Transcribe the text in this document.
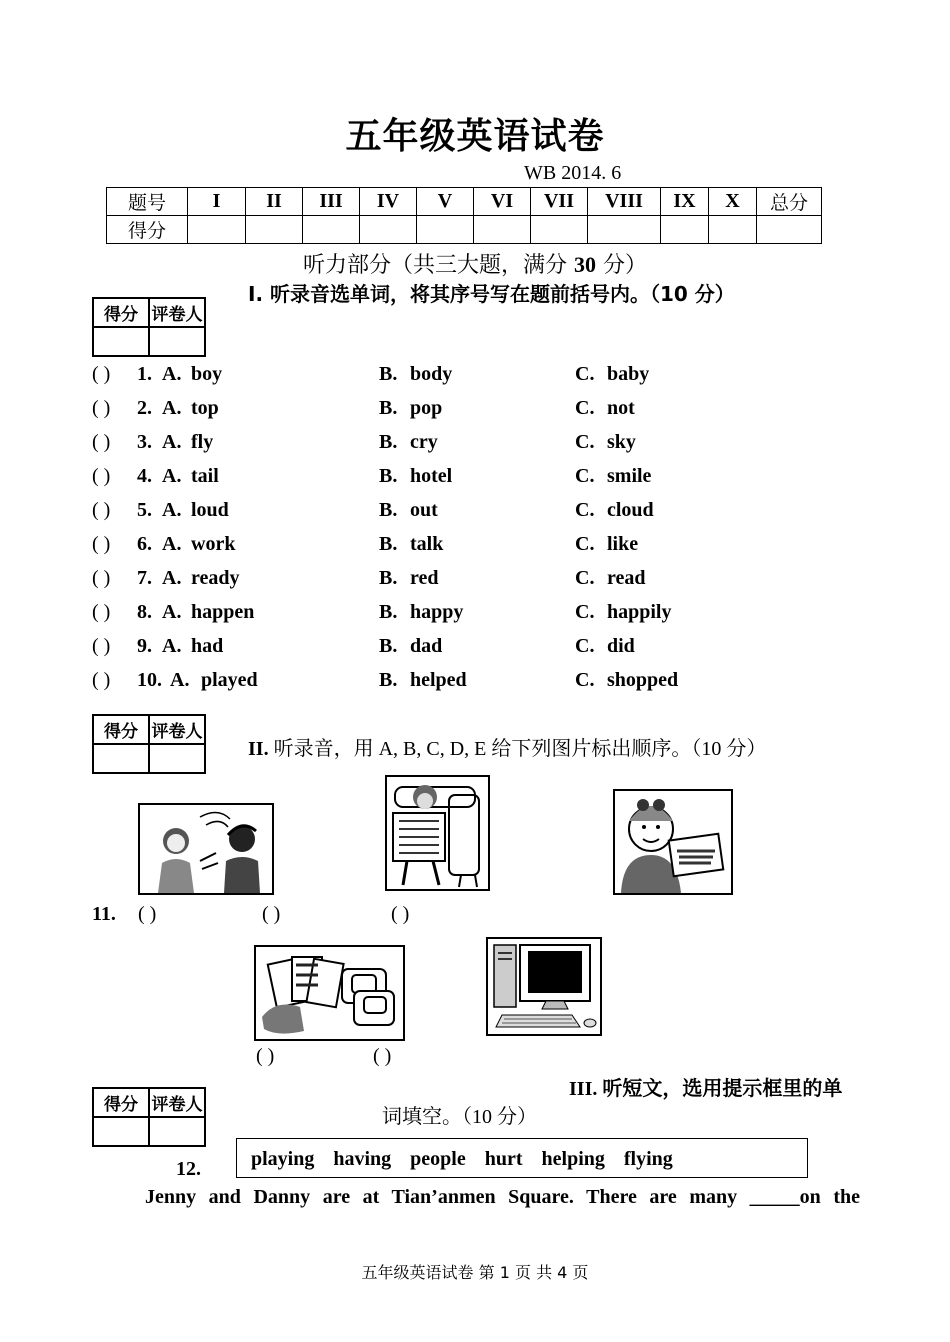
五年级英语试卷
WB 2014. 6
题号	I	II	III	IV	V	VI	VII	VIII	IX	X	总分
得分											
听力部分（共三大题，满分 30 分）
得分	评卷人

I. 听录音选单词，将其序号写在题前括号内。（10 分）
( ) 1. A. boy	B. body	C. baby
( ) 2. A. top	B. pop	C. not
( ) 3. A. fly	B. cry	C. sky
( ) 4. A. tail	B. hotel	C. smile
( ) 5. A. loud	B. out	C. cloud
( ) 6. A. work	B. talk	C. like
( ) 7. A. ready	B. red	C. read
( ) 8. A. happen	B. happy	C. happily
( ) 9. A. had	B. dad	C. did
( ) 10. A. played	B. helped	C. shopped
得分	评卷人

II. 听录音，用 A, B, C, D, E 给下列图片标出顺序。（10 分）
11. ( )	( )	( )
( )	( )
得分	评卷人

III. 听短文，选用提示框里的单
词填空。（10 分）
12.	playing having people hurt helping flying
Jenny and Danny are at Tian’anmen Square. There are many _____on the
五年级英语试卷 第 1 页 共 4 页
